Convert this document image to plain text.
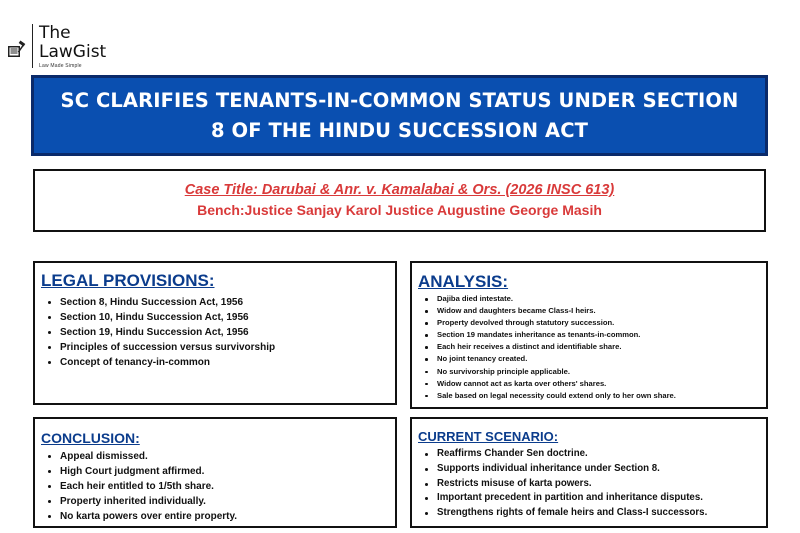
The
LawGist
Law Made Simple
SC CLARIFIES TENANTS-IN-COMMON STATUS UNDER SECTION 8 OF THE HINDU SUCCESSION ACT
Case Title: Darubai & Anr. v. Kamalabai & Ors. (2026 INSC 613)
Bench:Justice Sanjay Karol Justice Augustine George Masih
LEGAL PROVISIONS:
Section 8, Hindu Succession Act, 1956
Section 10, Hindu Succession Act, 1956
Section 19, Hindu Succession Act, 1956
Principles of succession versus survivorship
Concept of tenancy-in-common
ANALYSIS:
Dajiba died intestate.
Widow and daughters became Class-I heirs.
Property devolved through statutory succession.
Section 19 mandates inheritance as tenants-in-common.
Each heir receives a distinct and identifiable share.
No joint tenancy created.
No survivorship principle applicable.
Widow cannot act as karta over others' shares.
Sale based on legal necessity could extend only to her own share.
CONCLUSION:
Appeal dismissed.
High Court judgment affirmed.
Each heir entitled to 1/5th share.
Property inherited individually.
No karta powers over entire property.
CURRENT SCENARIO:
Reaffirms Chander Sen doctrine.
Supports individual inheritance under Section 8.
Restricts misuse of karta powers.
Important precedent in partition and inheritance disputes.
Strengthens rights of female heirs and Class-I successors.
